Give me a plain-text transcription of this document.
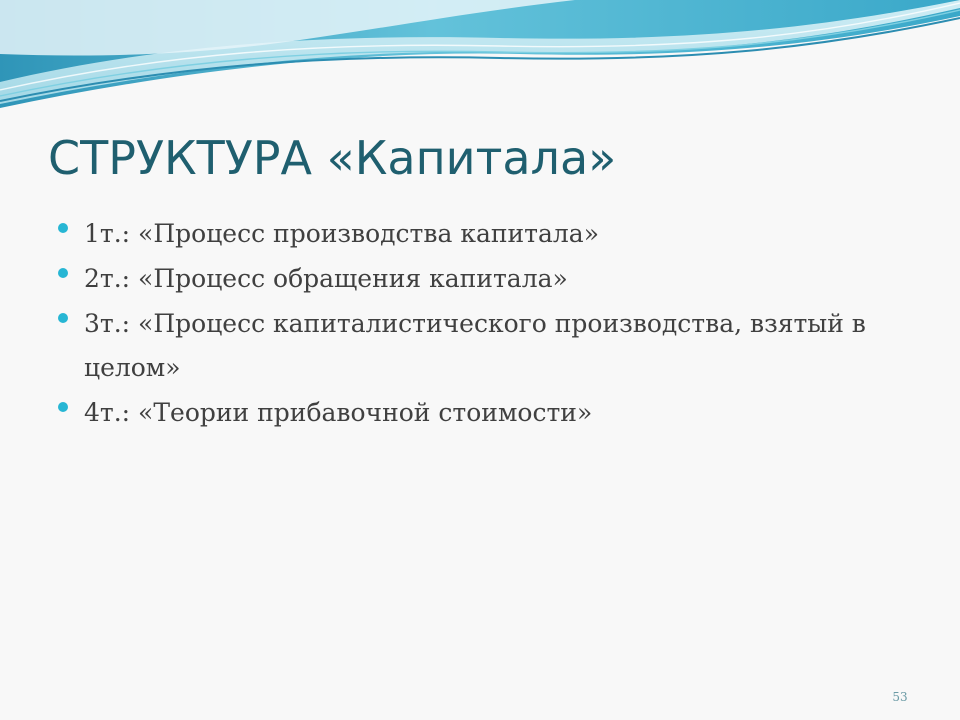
СТРУКТУРА «Капитала»
1т.: «Процесс производства капитала»
2т.: «Процесс обращения капитала»
3т.: «Процесс капиталистического производства, взятый в целом»
4т.: «Теории прибавочной стоимости»

53
